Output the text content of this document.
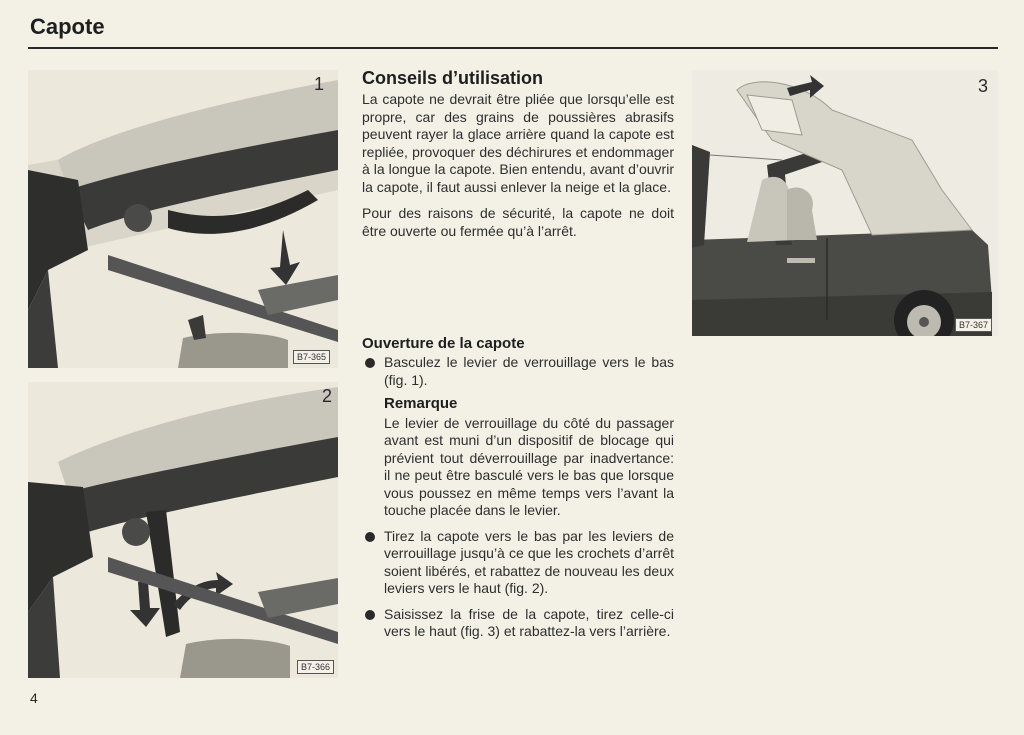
Capote
1
B7-365
2
B7-366
3
B7-367
Conseils d’utilisation

La capote ne devrait être pliée que lorsqu’elle est propre, car des grains de poussières abrasifs peuvent rayer la glace arrière quand la capote est repliée, provoquer des déchirures et endommager à la longue la capote. Bien entendu, avant d’ouvrir la capote, il faut aussi enlever la neige et la glace.

Pour des raisons de sécurité, la capote ne doit être ouverte ou fermée qu’à l’arrêt.

Ouverture de la capote
Basculez le levier de verrouillage vers le bas (fig. 1).
Remarque

Le levier de verrouillage du côté du passager avant est muni d’un dispositif de blocage qui prévient tout déverrouillage par inadvertance: il ne peut être basculé vers le bas que lorsque vous poussez en même temps vers l’avant la touche placée dans le levier.

Tirez la capote vers le bas par les leviers de verrouillage jusqu’à ce que les crochets d’arrêt soient libérés, et rabattez de nouveau les deux leviers vers le haut (fig. 2).
Saisissez la frise de la capote, tirez celle-ci vers le haut (fig. 3) et rabattez-la vers l’arrière.
4
